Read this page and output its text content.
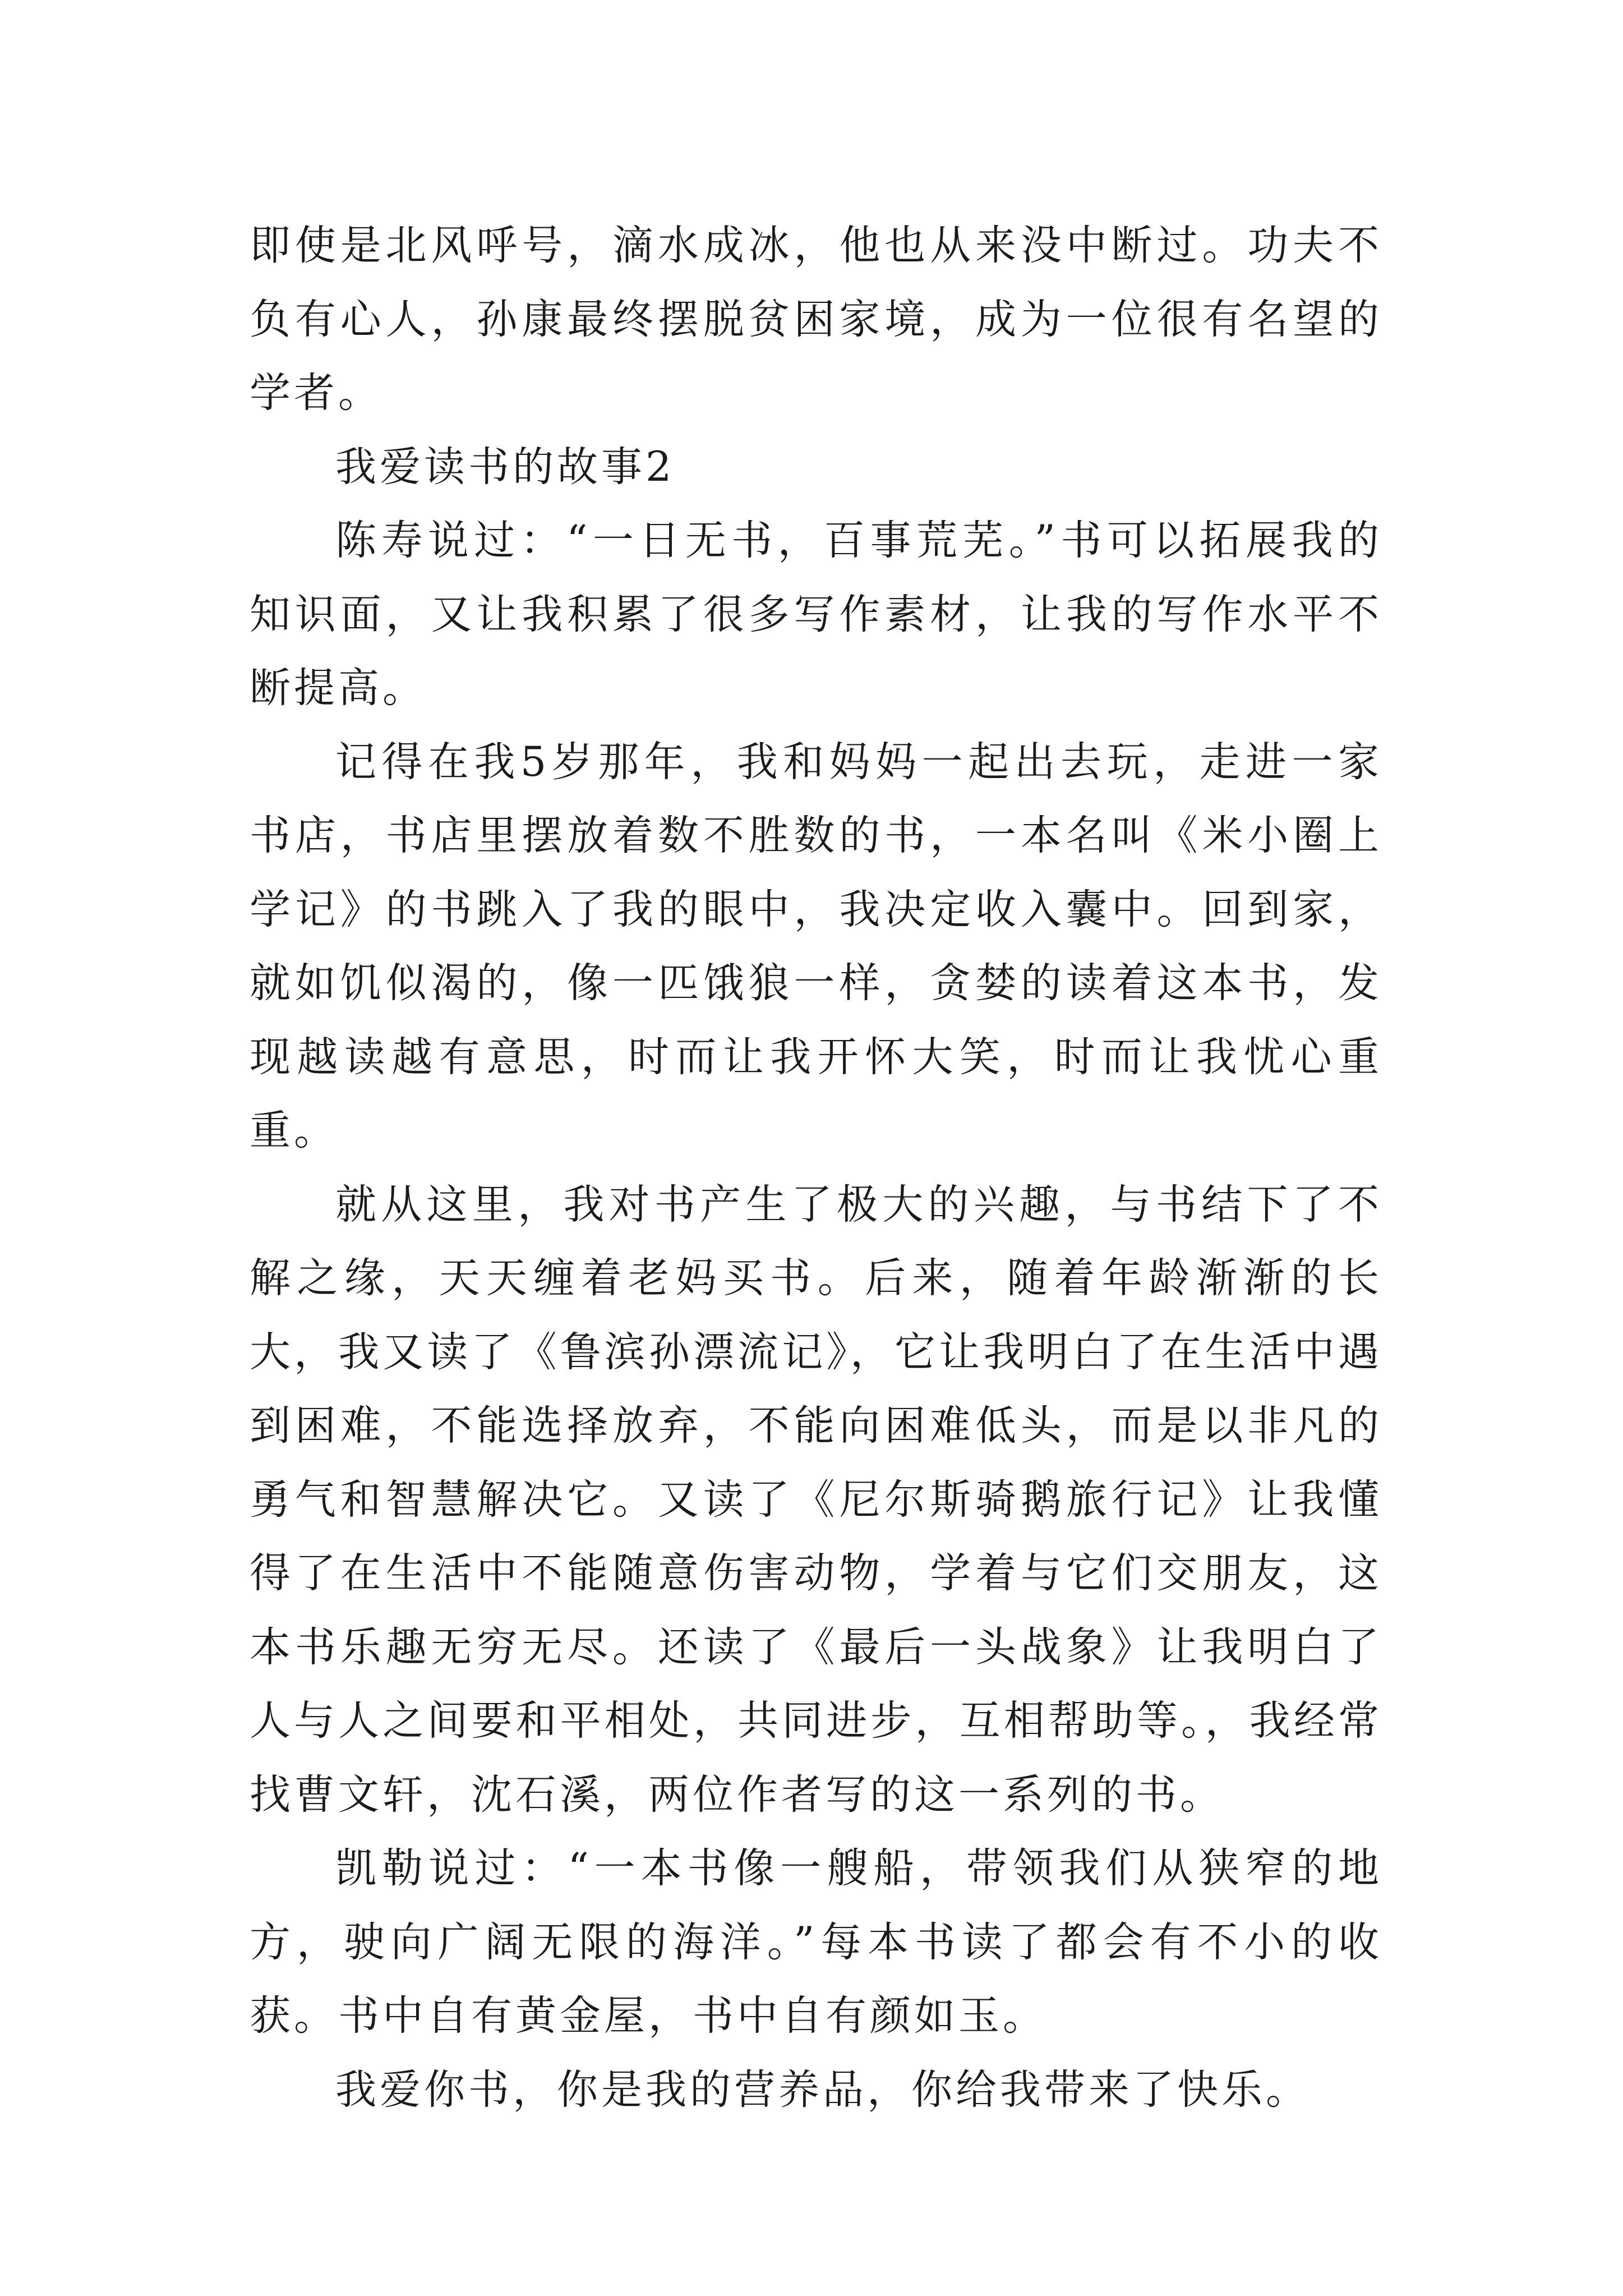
即使是北风呼号，滴水成冰，他也从来没中断过。功夫不负有心人，孙康最终摆脱贫困家境，成为一位很有名望的学者。

我爱读书的故事2

陈寿说过：“一日无书，百事荒芜。”书可以拓展我的知识面，又让我积累了很多写作素材，让我的写作水平不断提高。

记得在我5岁那年，我和妈妈一起出去玩，走进一家书店，书店里摆放着数不胜数的书，一本名叫《米小圈上学记》的书跳入了我的眼中，我决定收入囊中。回到家，就如饥似渴的，像一匹饿狼一样，贪婪的读着这本书，发现越读越有意思，时而让我开怀大笑，时而让我忧心重重。

就从这里，我对书产生了极大的兴趣，与书结下了不解之缘，天天缠着老妈买书。后来，随着年龄渐渐的长大，我又读了《鲁滨孙漂流记》，它让我明白了在生活中遇到困难，不能选择放弃，不能向困难低头，而是以非凡的勇气和智慧解决它。又读了《尼尔斯骑鹅旅行记》让我懂得了在生活中不能随意伤害动物，学着与它们交朋友，这本书乐趣无穷无尽。还读了《最后一头战象》让我明白了人与人之间要和平相处，共同进步，互相帮助等。，我经常找曹文轩，沈石溪，两位作者写的这一系列的书。

凯勒说过：“一本书像一艘船，带领我们从狭窄的地方，驶向广阔无限的海洋。”每本书读了都会有不小的收获。书中自有黄金屋，书中自有颜如玉。

我爱你书，你是我的营养品，你给我带来了快乐。
